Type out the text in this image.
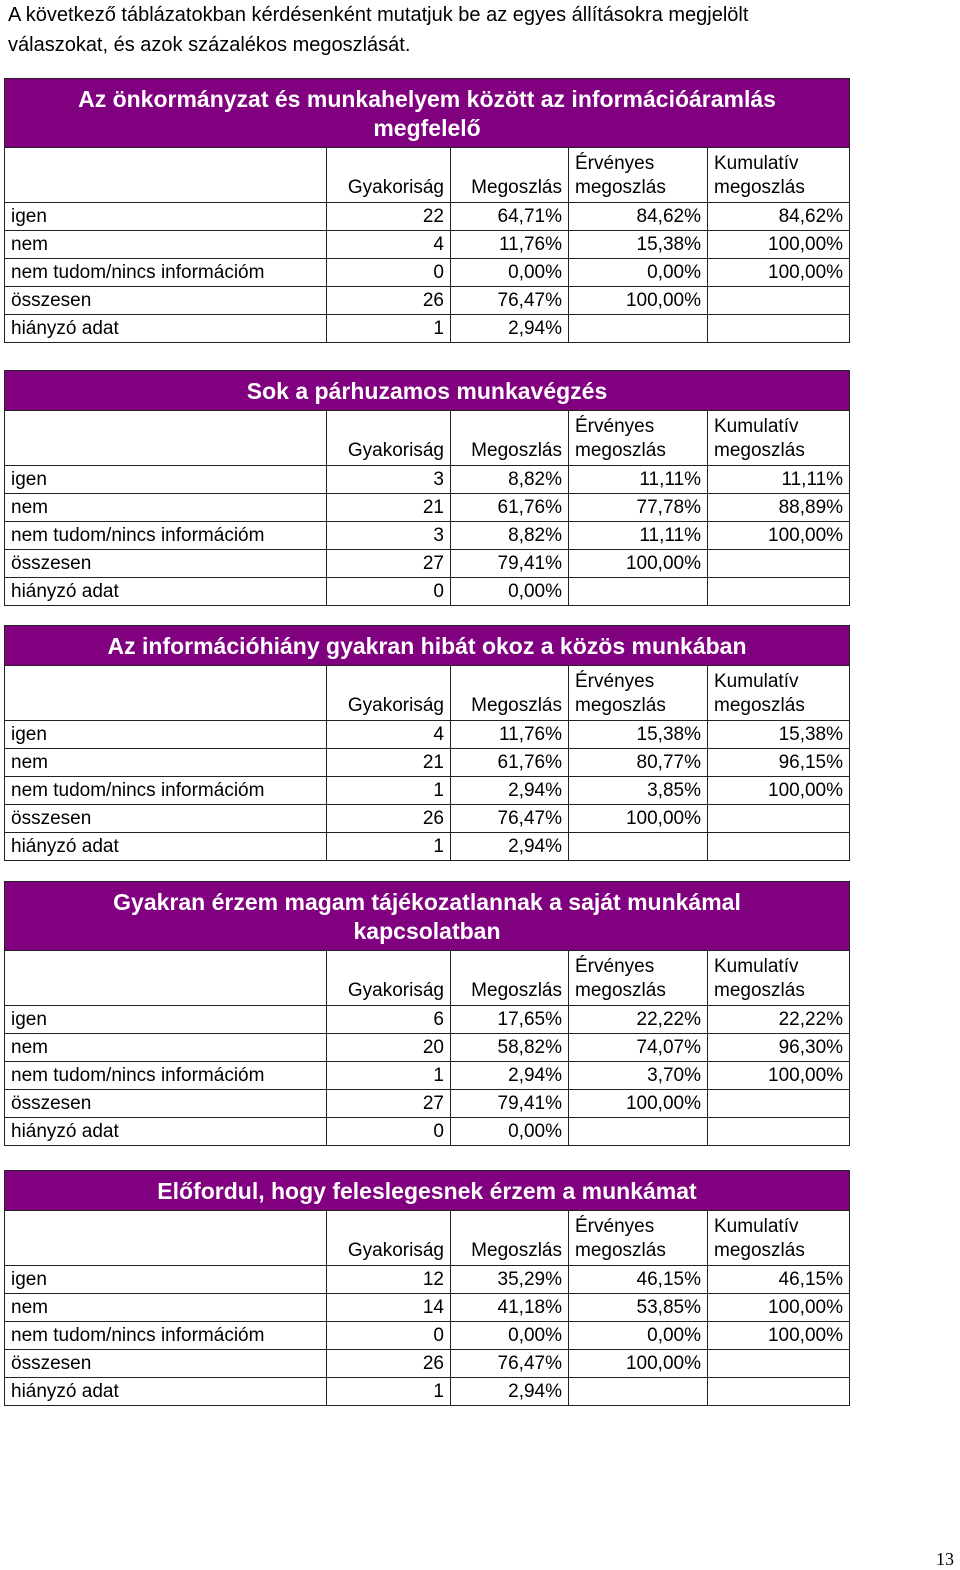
A következő táblázatokban kérdésenként mutatjuk be az egyes állításokra megjelölt
válaszokat, és azok százalékos megoszlását.
Az önkormányzat és munkahelyem között az információáramlás megfelelő				
	Gyakoriság	Megoszlás	Érvényes
megoszlás	Kumulatív
megoszlás
igen	22	64,71%	84,62%	84,62%
nem	4	11,76%	15,38%	100,00%
nem tudom/nincs információm	0	0,00%	0,00%	100,00%
összesen	26	76,47%	100,00%	
hiányzó adat	1	2,94%		
Sok a párhuzamos munkavégzés				
	Gyakoriság	Megoszlás	Érvényes
megoszlás	Kumulatív
megoszlás
igen	3	8,82%	11,11%	11,11%
nem	21	61,76%	77,78%	88,89%
nem tudom/nincs információm	3	8,82%	11,11%	100,00%
összesen	27	79,41%	100,00%	
hiányzó adat	0	0,00%		
Az információhiány gyakran hibát okoz a közös munkában				
	Gyakoriság	Megoszlás	Érvényes
megoszlás	Kumulatív
megoszlás
igen	4	11,76%	15,38%	15,38%
nem	21	61,76%	80,77%	96,15%
nem tudom/nincs információm	1	2,94%	3,85%	100,00%
összesen	26	76,47%	100,00%	
hiányzó adat	1	2,94%		
Gyakran érzem magam tájékozatlannak a saját munkámal kapcsolatban				
	Gyakoriság	Megoszlás	Érvényes
megoszlás	Kumulatív
megoszlás
igen	6	17,65%	22,22%	22,22%
nem	20	58,82%	74,07%	96,30%
nem tudom/nincs információm	1	2,94%	3,70%	100,00%
összesen	27	79,41%	100,00%	
hiányzó adat	0	0,00%		
Előfordul, hogy feleslegesnek érzem a munkámat				
	Gyakoriság	Megoszlás	Érvényes
megoszlás	Kumulatív
megoszlás
igen	12	35,29%	46,15%	46,15%
nem	14	41,18%	53,85%	100,00%
nem tudom/nincs információm	0	0,00%	0,00%	100,00%
összesen	26	76,47%	100,00%	
hiányzó adat	1	2,94%		
13
